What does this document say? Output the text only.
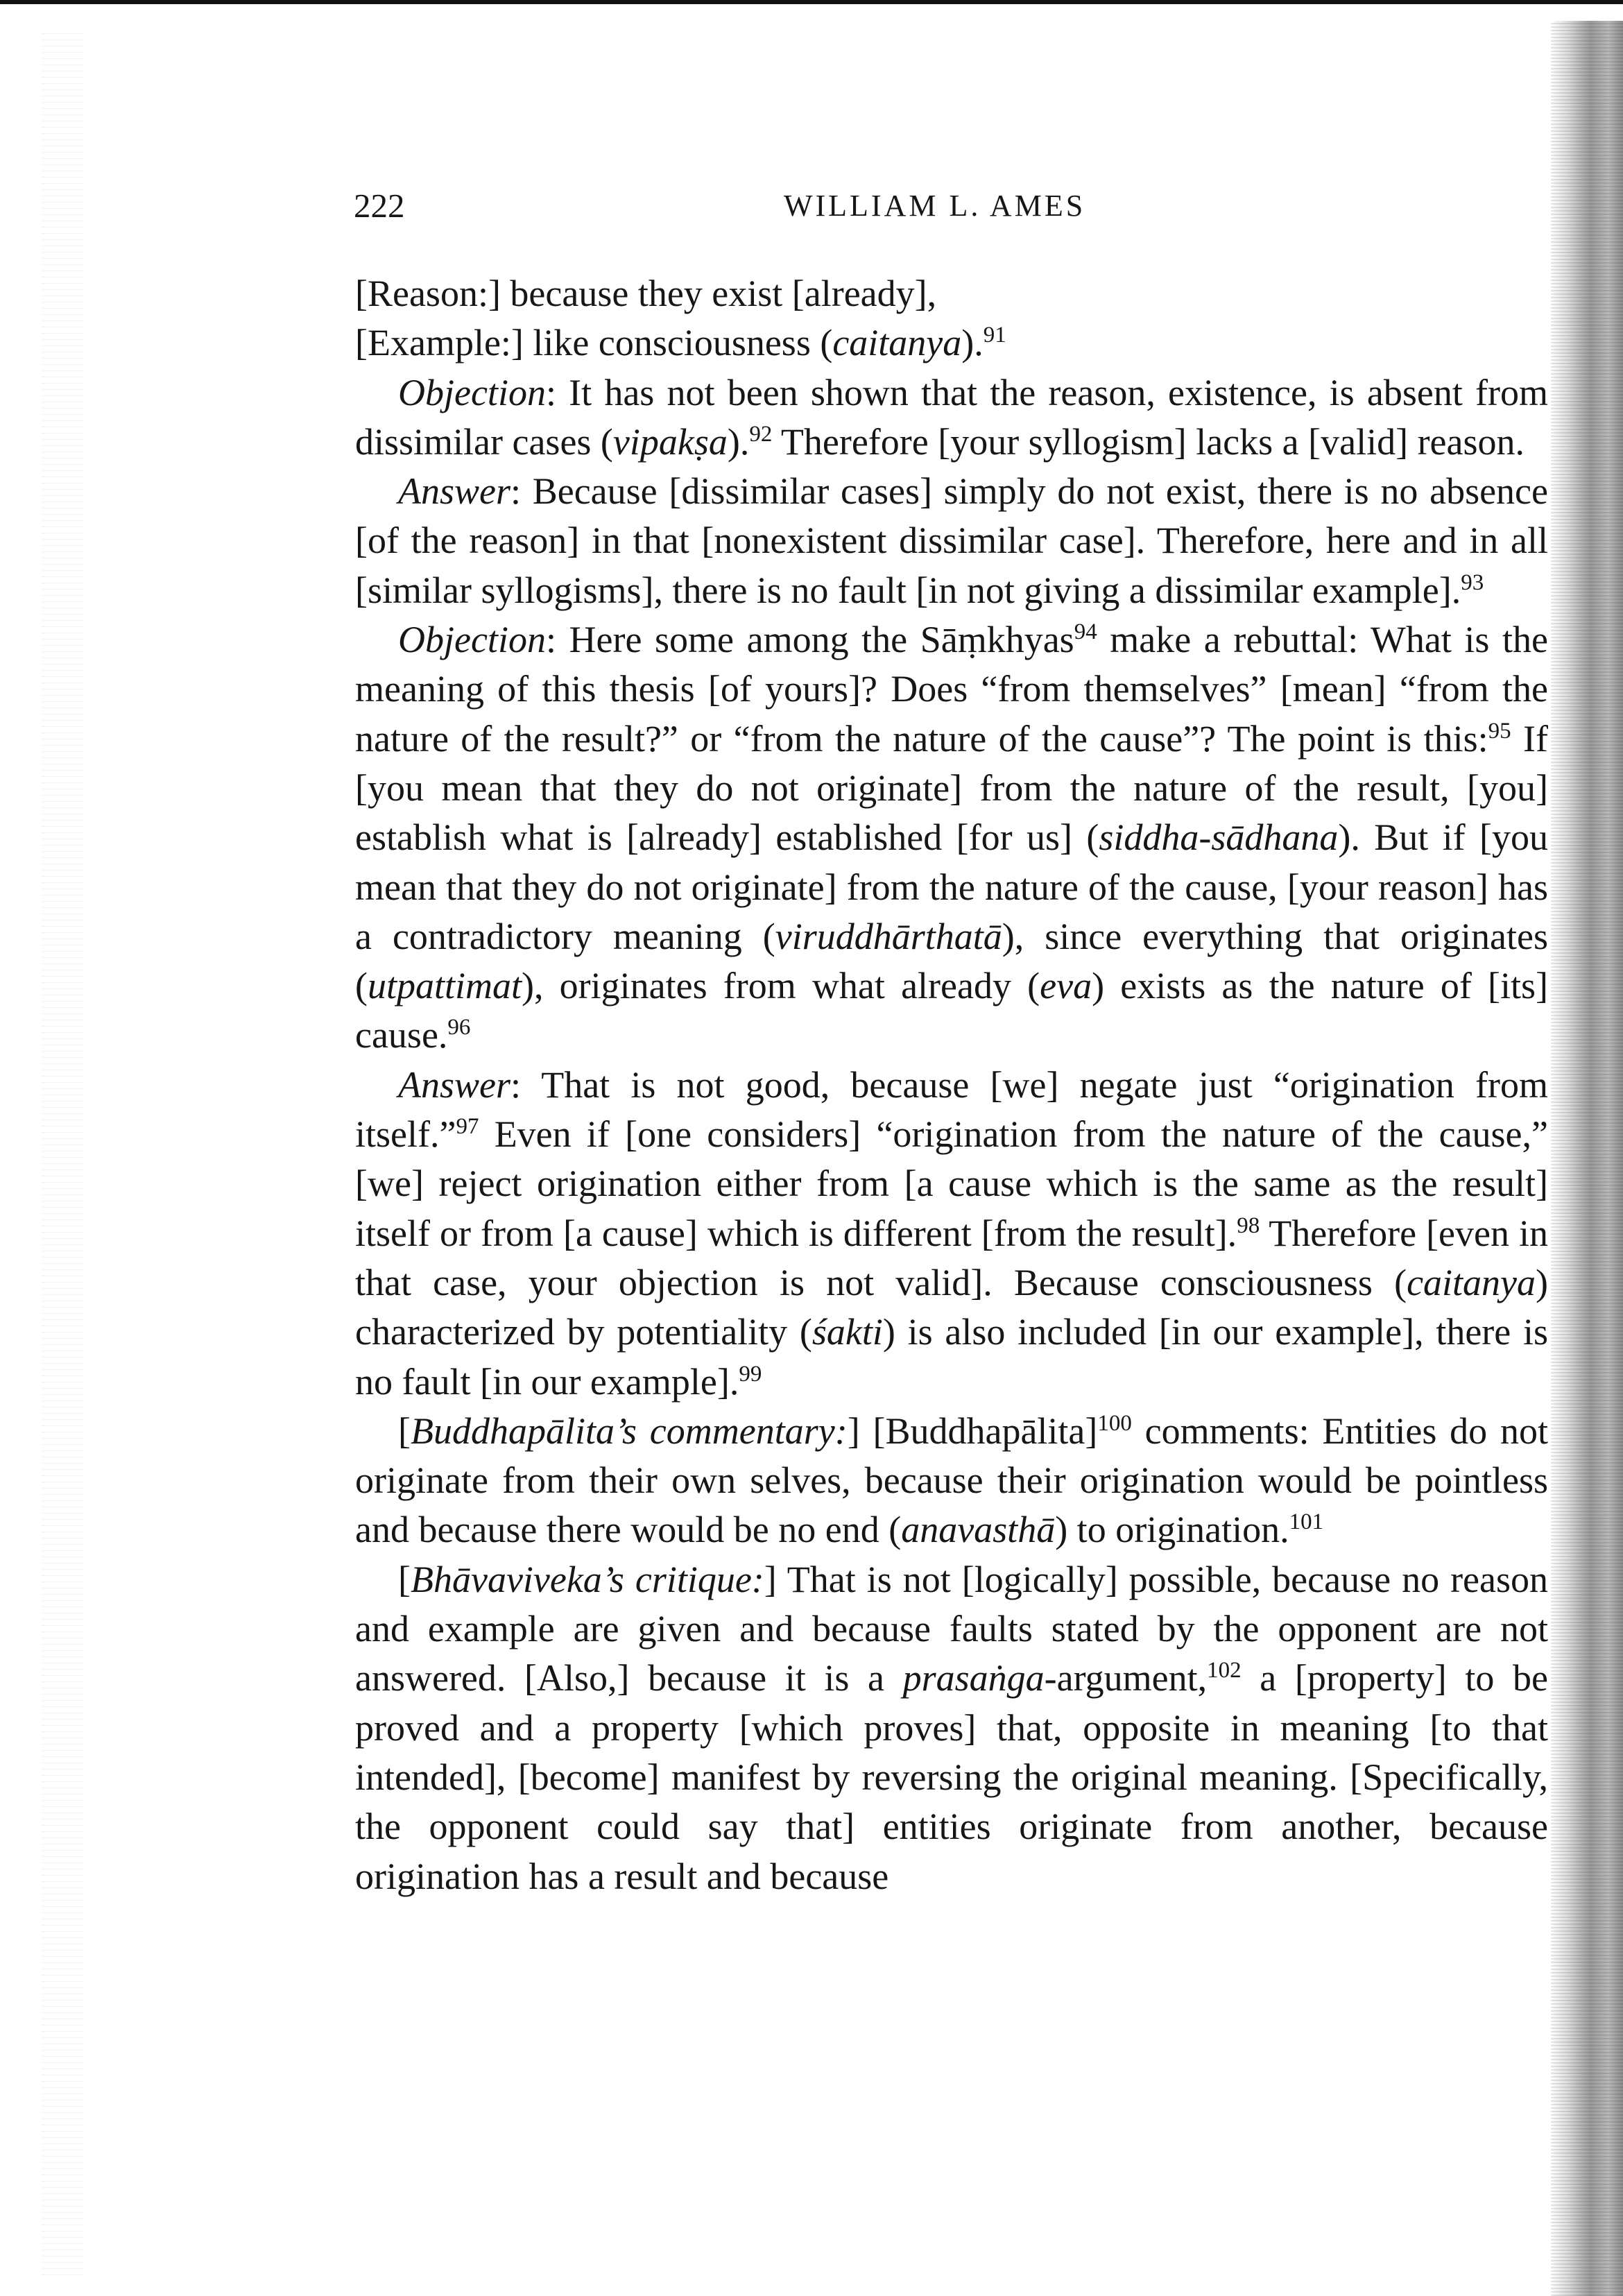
222	WILLIAM L. AMES

[Reason:] because they exist [already],

[Example:] like consciousness (caitanya).$^{91}$

Objection: It has not been shown that the reason, existence, is absent from dissimilar cases (vipakṣa).$^{92}$ Therefore [your syllogism] lacks a [valid] reason.

Answer: Because [dissimilar cases] simply do not exist, there is no absence [of the reason] in that [nonexistent dissimilar case]. Therefore, here and in all [similar syllogisms], there is no fault [in not giving a dissimilar example].$^{93}$

Objection: Here some among the Sāṃkhyas$^{94}$ make a rebuttal: What is the meaning of this thesis [of yours]? Does “from themselves” [mean] “from the nature of the result?” or “from the nature of the cause”? The point is this:$^{95}$ If [you mean that they do not originate] from the nature of the result, [you] establish what is [already] established [for us] (siddha-sādhana). But if [you mean that they do not originate] from the nature of the cause, [your reason] has a contradictory meaning (viruddhārthatā), since everything that originates (utpattimat), originates from what already (eva) exists as the nature of [its] cause.$^{96}$

Answer: That is not good, because [we] negate just “origination from itself.”$^{97}$ Even if [one considers] “origination from the nature of the cause,” [we] reject origination either from [a cause which is the same as the result] itself or from [a cause] which is different [from the result].$^{98}$ Therefore [even in that case, your objection is not valid]. Because consciousness (caitanya) characterized by potentiality (śakti) is also included [in our example], there is no fault [in our example].$^{99}$

[Buddhapālita’s commentary:] [Buddhapālita]$^{100}$ comments: Entities do not originate from their own selves, because their origination would be pointless and because there would be no end (anavasthā) to origination.$^{101}$

[Bhāvaviveka’s critique:] That is not [logically] possible, because no reason and example are given and because faults stated by the opponent are not answered. [Also,] because it is a prasaṅga-argument,$^{102}$ a [property] to be proved and a property [which proves] that, opposite in meaning [to that intended], [become] manifest by reversing the original meaning. [Specifically, the opponent could say that] entities originate from another, because origination has a result and because
